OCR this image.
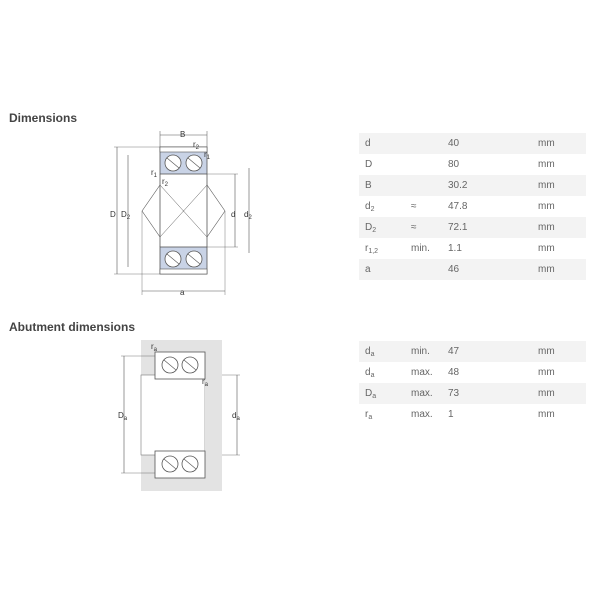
Dimensions
B
$r_2$
$r_1$
$r_1$
$r_2$
D $D_2$	d $d_2$
a
d		40	mm
D		80	mm
B		30.2	mm
$d_2$	≈	47.8	mm
$D_2$	≈	72.1	mm
$r_{1,2}$	min.	1.1	mm
a		46	mm
Abutment dimensions
$r_a$
$r_a$
$D_a$	$d_a$
$d_a$	min.	47	mm
$d_a$	max.	48	mm
$D_a$	max.	73	mm
$r_a$	max.	1	mm
